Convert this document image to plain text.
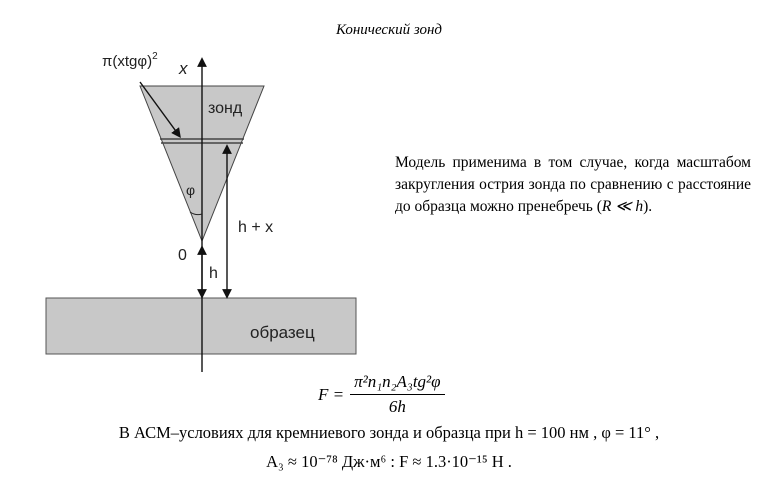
Конический зонд
$\pi(xtg\varphi)^2$
x
зонд
φ
h + x
0
h
образец
Модель применима в том случае, когда масштабом закругления острия зонда по сравнению с расстояние до образца можно пренебречь (R ≪ h).
$F = \frac{\text{π²n₁n₂A₃tg²φ}}{6h}$
В АСМ–условиях для кремниевого зонда и образца при h = 100 нм , φ = 11° ,
A₃ ≈ 10⁻⁷⁸ Дж·м⁶ : F ≈ 1.3·10⁻¹⁵ Н .
